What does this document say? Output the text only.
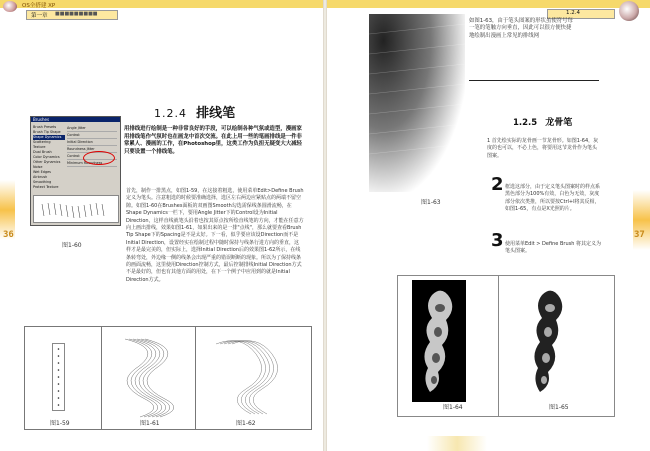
OS全搭建 XP
第一章 ■■■■■■■■■
36
Brushes
Brush Presets
Brush Tip Shape
Shape Dynamics
Scattering
Texture
Dual Brush
Color Dynamics
Other Dynamics
Noise
Wet Edges
Airbrush
Smoothing
Protect Texture
Angle Jitter
Control:
Initial Direction
Roundness Jitter
Control:
Minimum Roundness
图1-60
1.2.4 排线笔
用排线进行绘制是一种非常良好的手段，可以绘制各种气氛或造型，漫画家用排线笔作气氛时也在画龙中首次交流。在此上用一些的笔画排线是一件非常累人、漫画的工作，在Photoshop里，这类工作为负担无疑变大大减轻　只要设置一个排线笔。
首先，制作一排黑点，如图1-59，在这接着粗选，使用菜单Edit>Define Brush定义为笔头。注意粗选的时候要准确选择，选区左右两边应紧贴点的两端不留空隙。如图1-60在Brushes面板的双画图Smooth勾选需保线条圆滑流畅，在Shape Dynamics一栏下，要用Angle Jitter下的Control设为Initial Direction，这样直线就笔头沿着也按其原点按所绘直线笔的方向，才能在任意方向上画出排线，效果如图1-61，如果出来的是一排"点线"，那么就要查看Brush Tip Shape下的Spacing是不是太好。下一看，似乎要应该设Direction而不是Initial Direction，设置经实在绘制过程中随时保持与线条行进方向的垂直，这样才是最完美的，但实际上，选择Initial Direction后的效果图1-62所示，在线条转弯处，外边缘一侧的线条会出现严重的错误断断的现象。所以为了保持线条的画面流畅，这里使用Direction控制方式，最后控制排线Initial Direction方式不是最好的，但也有其他方面的用处，在下一个例子中应用到的就是Initial Direction方式。
图1-59	图1-61	图1-62
1.2.4
图1-63
如图1-63，由于笔头图案的形状虽使符号每一笔的笔触方向垂直，因此可以很方便快捷地绘制出漫画上常见的排线网
1.2.5 龙骨笔
1 首先绘实际的龙骨画一节龙骨形。如图1-64，灰度的也可以，不必上色，将要用这节龙骨作为笔头图案。
2 框选这部分，由于定义笔头图案时的样点系黑色部分为100%有效，白色为无效，灰度部分依次类推，所以要按Ctrl+I将其反相，如图1-65，有点是X光照的片。
3 使用菜单Edit > Define Brush 将其定义为笔头图案。
37
图1-64	图1-65
